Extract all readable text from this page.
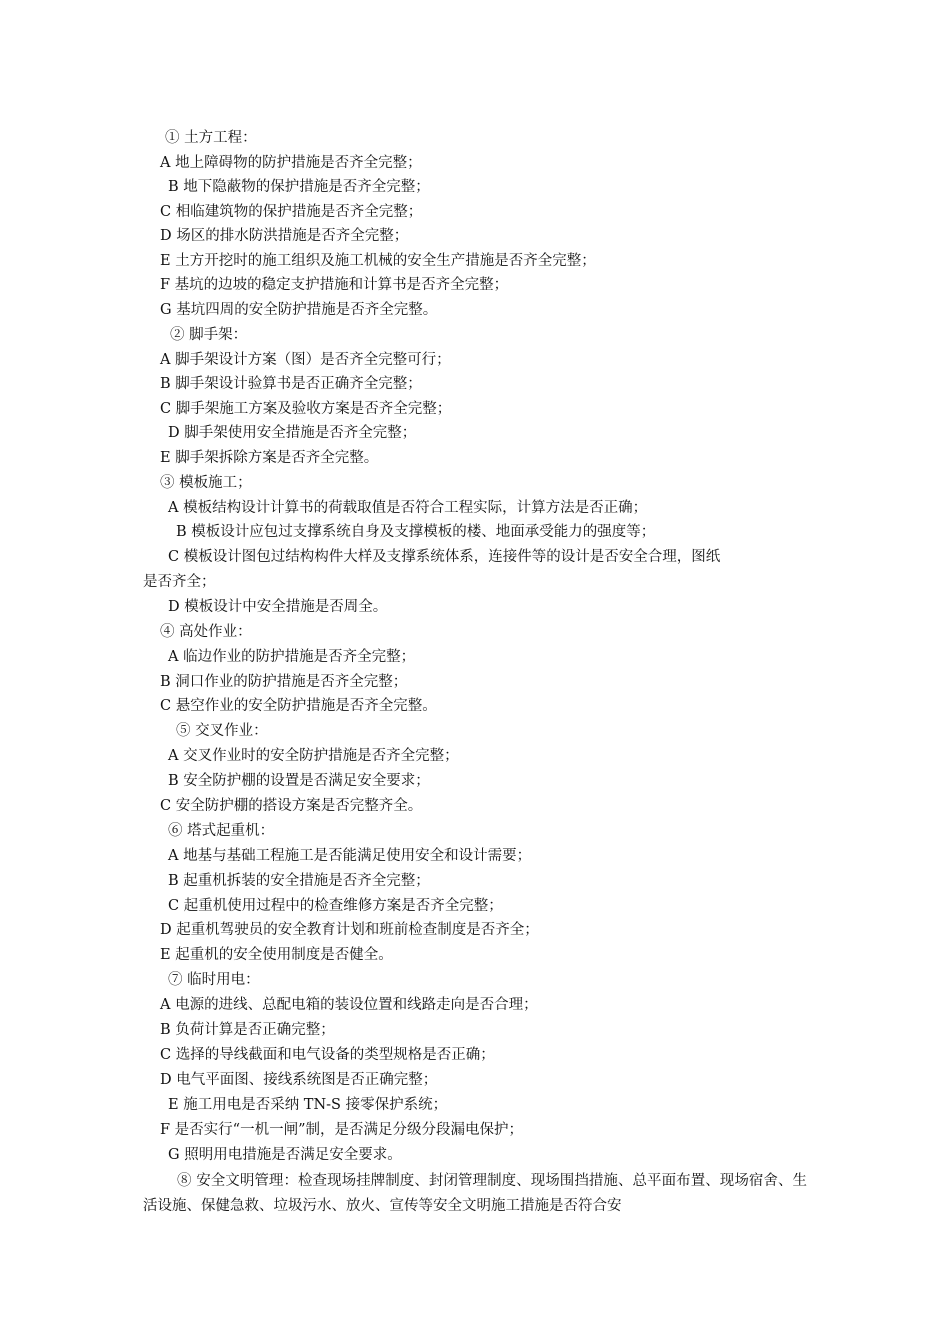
① 土方工程：
A 地上障碍物的防护措施是否齐全完整；
B 地下隐蔽物的保护措施是否齐全完整；
C 相临建筑物的保护措施是否齐全完整；
D 场区的排水防洪措施是否齐全完整；
E 土方开挖时的施工组织及施工机械的安全生产措施是否齐全完整；
F 基坑的边坡的稳定支护措施和计算书是否齐全完整；
G 基坑四周的安全防护措施是否齐全完整。
② 脚手架：
A 脚手架设计方案（图）是否齐全完整可行；
B 脚手架设计验算书是否正确齐全完整；
C 脚手架施工方案及验收方案是否齐全完整；
D 脚手架使用安全措施是否齐全完整；
E 脚手架拆除方案是否齐全完整。
③ 模板施工；
A 模板结构设计计算书的荷载取值是否符合工程实际，计算方法是否正确；
B 模板设计应包过支撑系统自身及支撑模板的楼、地面承受能力的强度等；
C 模板设计图包过结构构件大样及支撑系统体系，连接件等的设计是否安全合理，图纸
是否齐全；
D 模板设计中安全措施是否周全。
④ 高处作业：
A 临边作业的防护措施是否齐全完整；
B 洞口作业的防护措施是否齐全完整；
C 悬空作业的安全防护措施是否齐全完整。
⑤ 交叉作业：
A 交叉作业时的安全防护措施是否齐全完整；
B 安全防护棚的设置是否满足安全要求；
C 安全防护棚的搭设方案是否完整齐全。
⑥ 塔式起重机：
A 地基与基础工程施工是否能满足使用安全和设计需要；
B 起重机拆装的安全措施是否齐全完整；
C 起重机使用过程中的检查维修方案是否齐全完整；
D 起重机驾驶员的安全教育计划和班前检查制度是否齐全；
E 起重机的安全使用制度是否健全。
⑦ 临时用电：
A 电源的进线、总配电箱的装设位置和线路走向是否合理；
B 负荷计算是否正确完整；
C 选择的导线截面和电气设备的类型规格是否正确；
D 电气平面图、接线系统图是否正确完整；
E 施工用电是否采纳 TN-S 接零保护系统；
F 是否实行“一机一闸”制，是否满足分级分段漏电保护；
G 照明用电措施是否满足安全要求。
⑧ 安全文明管理：检查现场挂牌制度、封闭管理制度、现场围挡措施、总平面布置、现场宿舍、生活设施、保健急救、垃圾污水、放火、宣传等安全文明施工措施是否符合安
